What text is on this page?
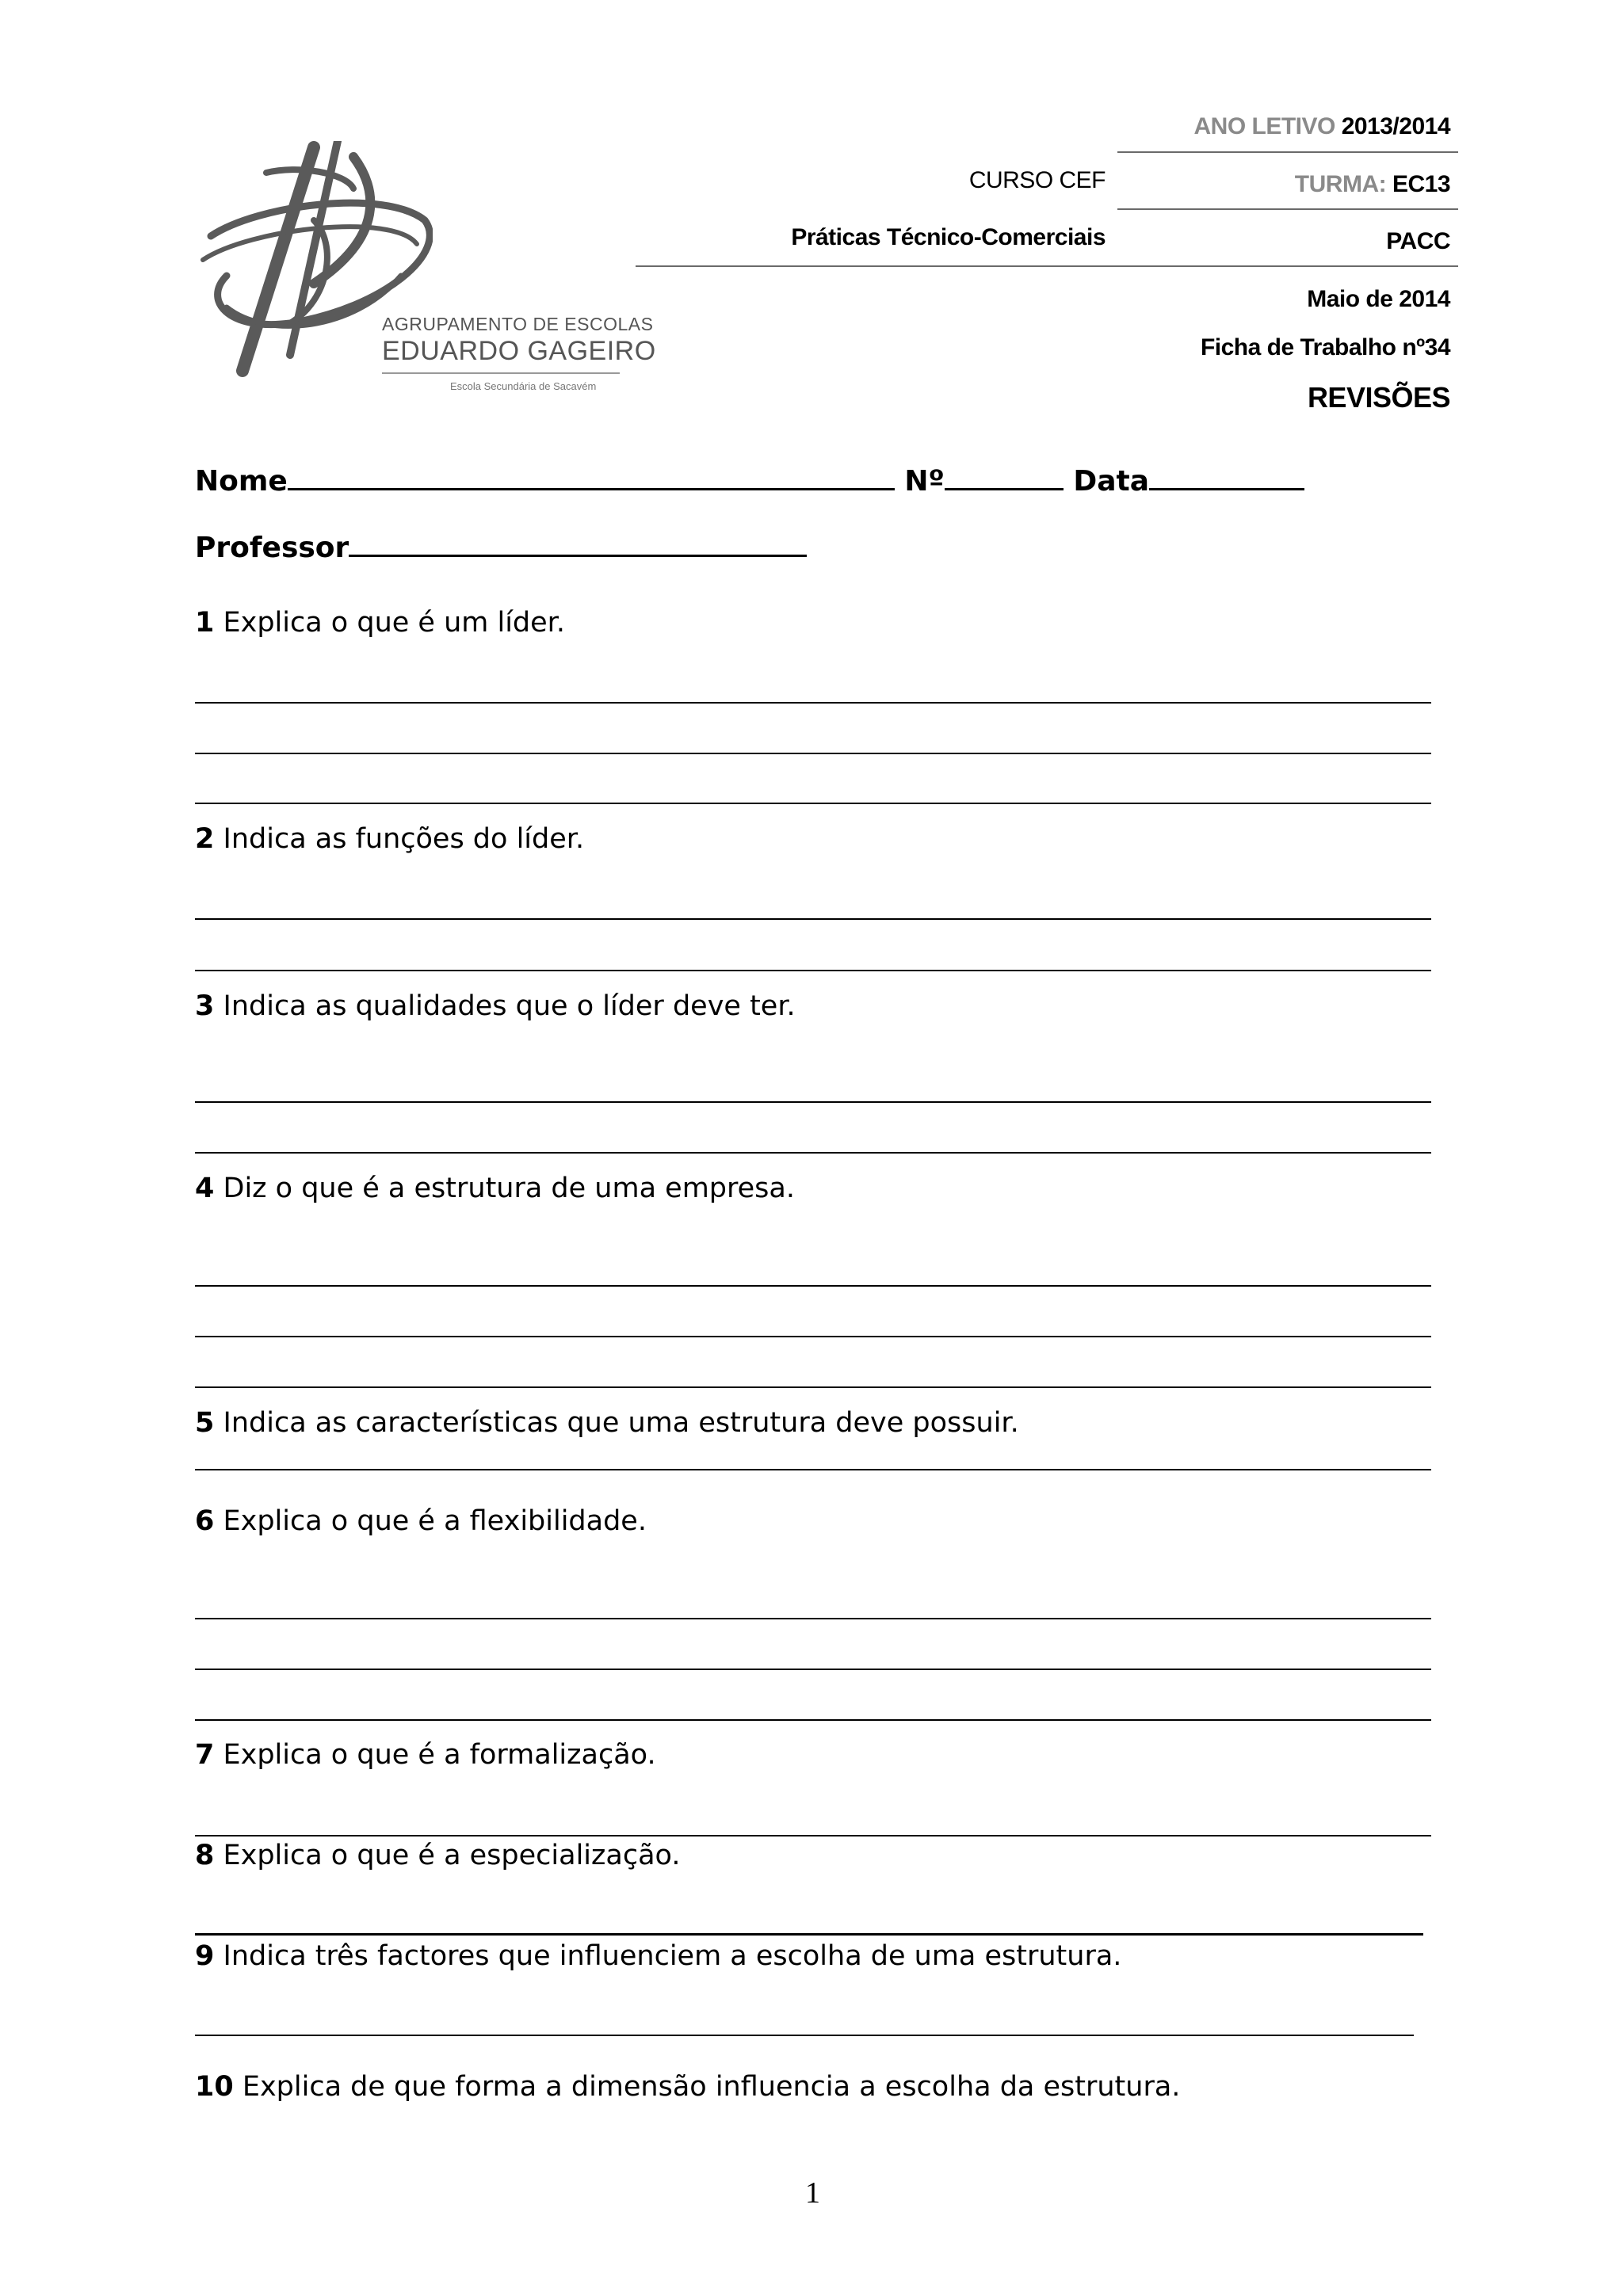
AGRUPAMENTO DE ESCOLAS
EDUARDO GAGEIRO
Escola Secundária de Sacavém
ANO LETIVO 2013/2014
CURSO CEF	TURMA: EC13
Práticas Técnico-Comerciais	PACC
Maio de 2014
Ficha de Trabalho nº34
REVISÕES
Nome	Nº	Data
Professor
1 Explica o que é um líder.
2 Indica as funções do líder.
3 Indica as qualidades que o líder deve ter.
4 Diz o que é a estrutura de uma empresa.
5 Indica as características que uma estrutura deve possuir.
6 Explica o que é a flexibilidade.
7 Explica o que é a formalização.
8 Explica o que é a especialização.
9 Indica três factores que influenciem a escolha de uma estrutura.
10 Explica de que forma a dimensão influencia a escolha da estrutura.
1
